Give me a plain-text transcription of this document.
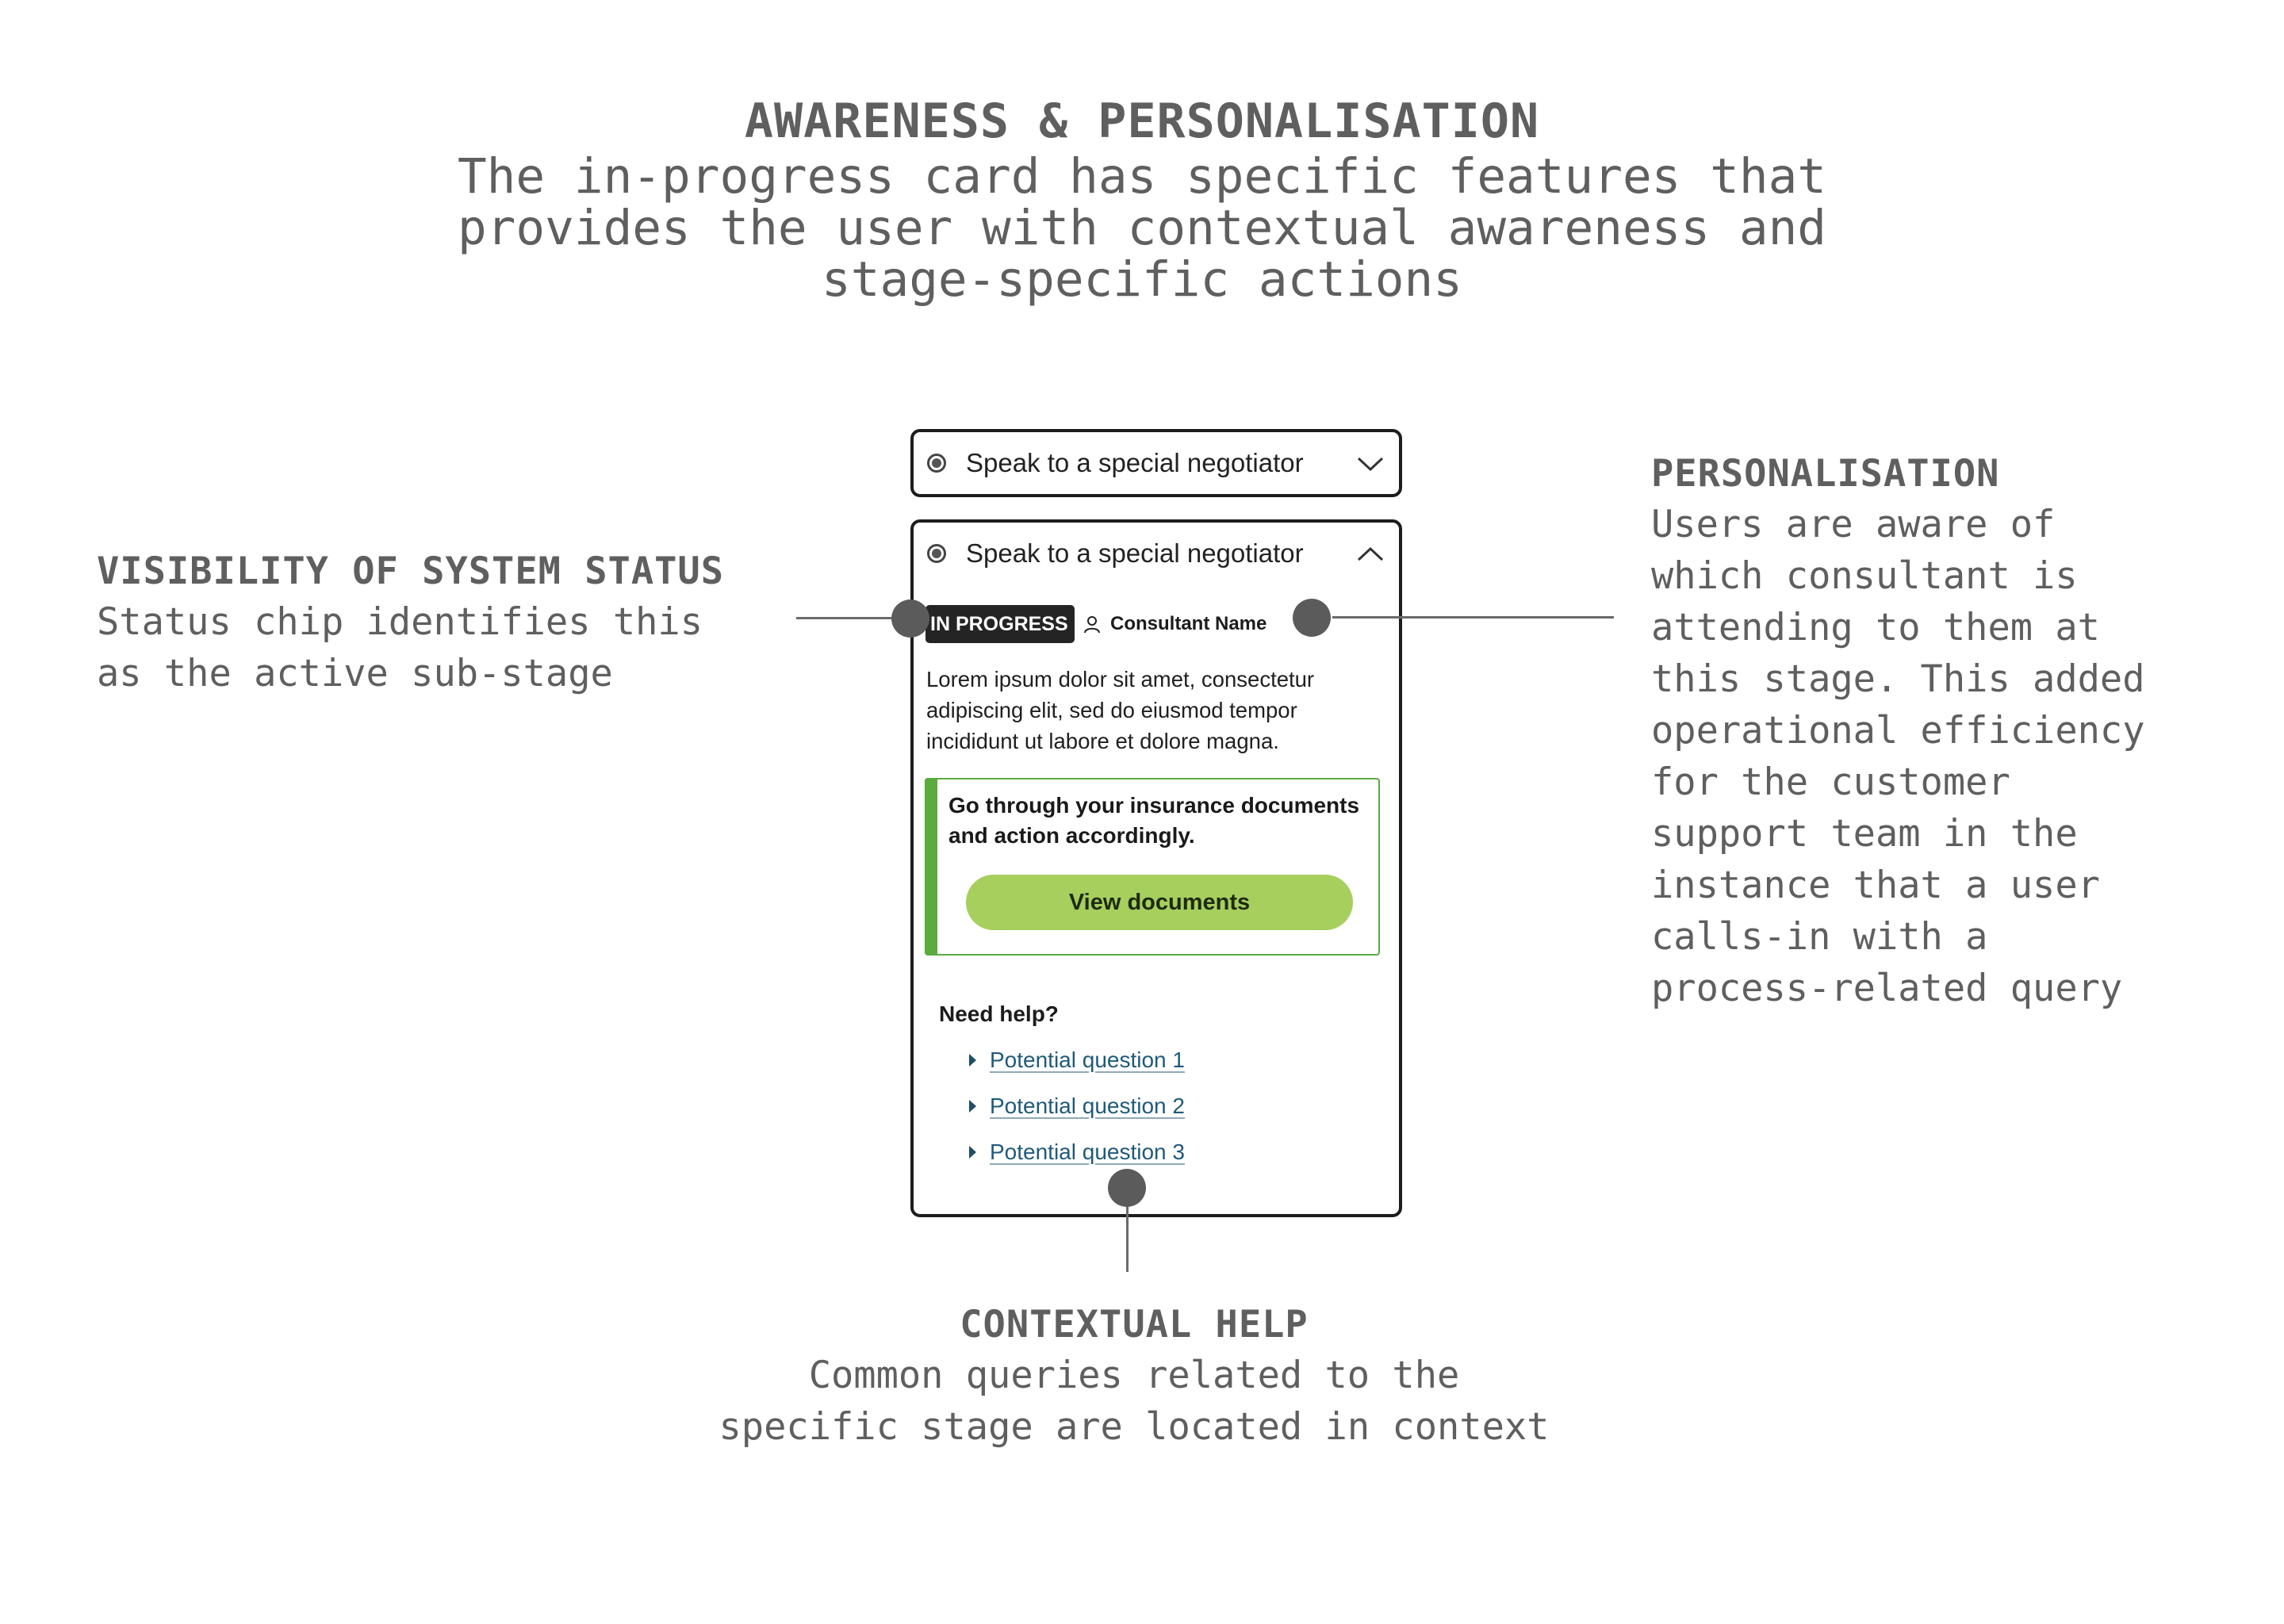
AWARENESS & PERSONALISATION
The in-progress card has specific features that
provides the user with contextual awareness and
stage-specific actions
VISIBILITY OF SYSTEM STATUS
Status chip identifies this
as the active sub-stage
PERSONALISATION
Users are aware of
which consultant is
attending to them at
this stage. This added
operational efficiency
for the customer
support team in the
instance that a user
calls-in with a
process-related query
CONTEXTUAL HELP
Common queries related to the
specific stage are located in context
Speak to a special negotiator
Speak to a special negotiator
IN PROGRESS	Consultant Name
Lorem ipsum dolor sit amet, consectetur adipiscing elit, sed do eiusmod tempor incididunt ut labore et dolore magna.
Go through your insurance documents and action accordingly.
View documents
Need help?
Potential question 1
Potential question 2
Potential question 3
